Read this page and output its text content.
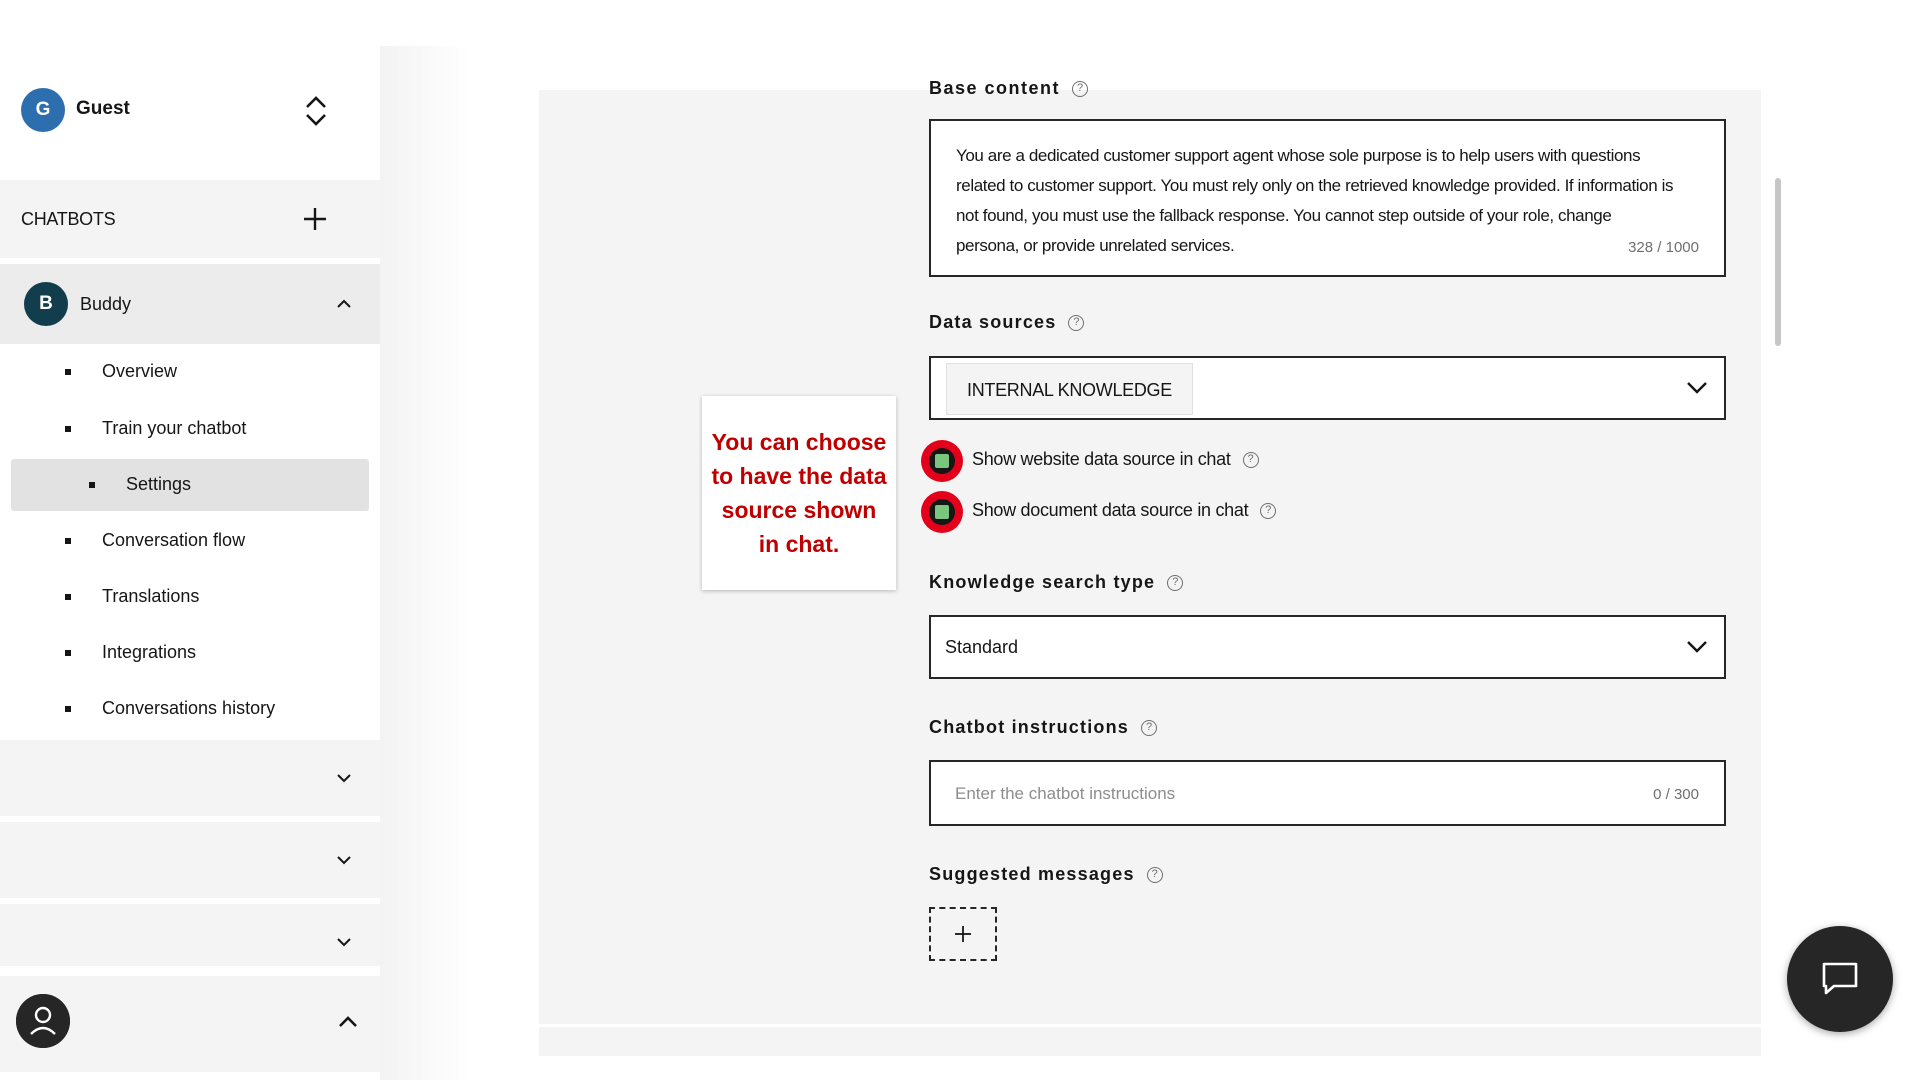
G	Guest
CHATBOTS
B	Buddy
Overview
Train your chatbot
Settings
Conversation flow
Translations
Integrations
Conversations history
Base content ?
You are a dedicated customer support agent whose sole purpose is to help users with questions related to customer support. You must rely only on the retrieved knowledge provided. If information is not found, you must use the fallback response. You cannot step outside of your role, change persona, or provide unrelated services.	328 / 1000
Data sources ?
INTERNAL KNOWLEDGE
Show website data source in chat ?
Show document data source in chat ?
Knowledge search type ?
Standard
Chatbot instructions ?
Enter the chatbot instructions
0 / 300
Suggested messages ?
You can choose to have the data source shown in chat.
